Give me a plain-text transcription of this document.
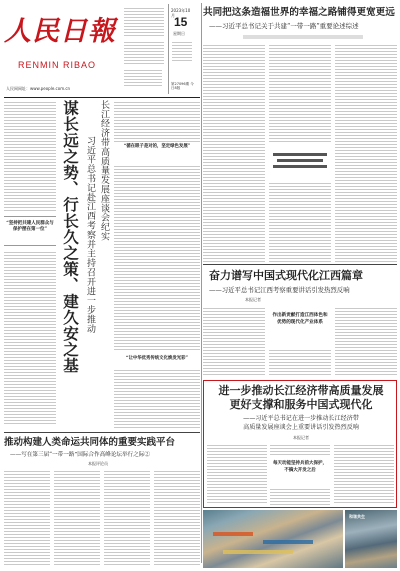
人民日報
RENMIN RIBAO
人民网网址：www.people.com.cn
2023年10月 15
星期日
第27096期 今日8版
共同把这条造福世界的幸福之路铺得更宽更远
——习近平总书记关于共建“一带一路”重要论述综述
“坚持把共建人民群众与保护摆在第一位” 谋长远之势、行长久之策、建久安之基 习近平总书记赴江西考察并主持召开进一步推动 长江经济带高质量发展座谈会纪实	“循在眼子是对的，坚定绿色发展”
“让中华优秀传统文化焕发光彩”
推动构建人类命运共同体的重要实践平台
——写在第三届“一带一路”国际合作高峰论坛举行之际②
本报评论员
奋力谱写中国式现代化江西篇章
——习近平总书记江西考察重要讲话引发热烈反响
本报记者
作出新贡献打造江西体色和优势的现代化产业体系
进一步推动长江经济带高质量发展
更好支撑和服务中国式现代化
——习近平总书记在进一步推动长江经济带
高质量发展座谈会上重要讲话引发热烈反响
本报记者
每天动能坚持兵前大保护，不搞大开发之后
和谐共生
